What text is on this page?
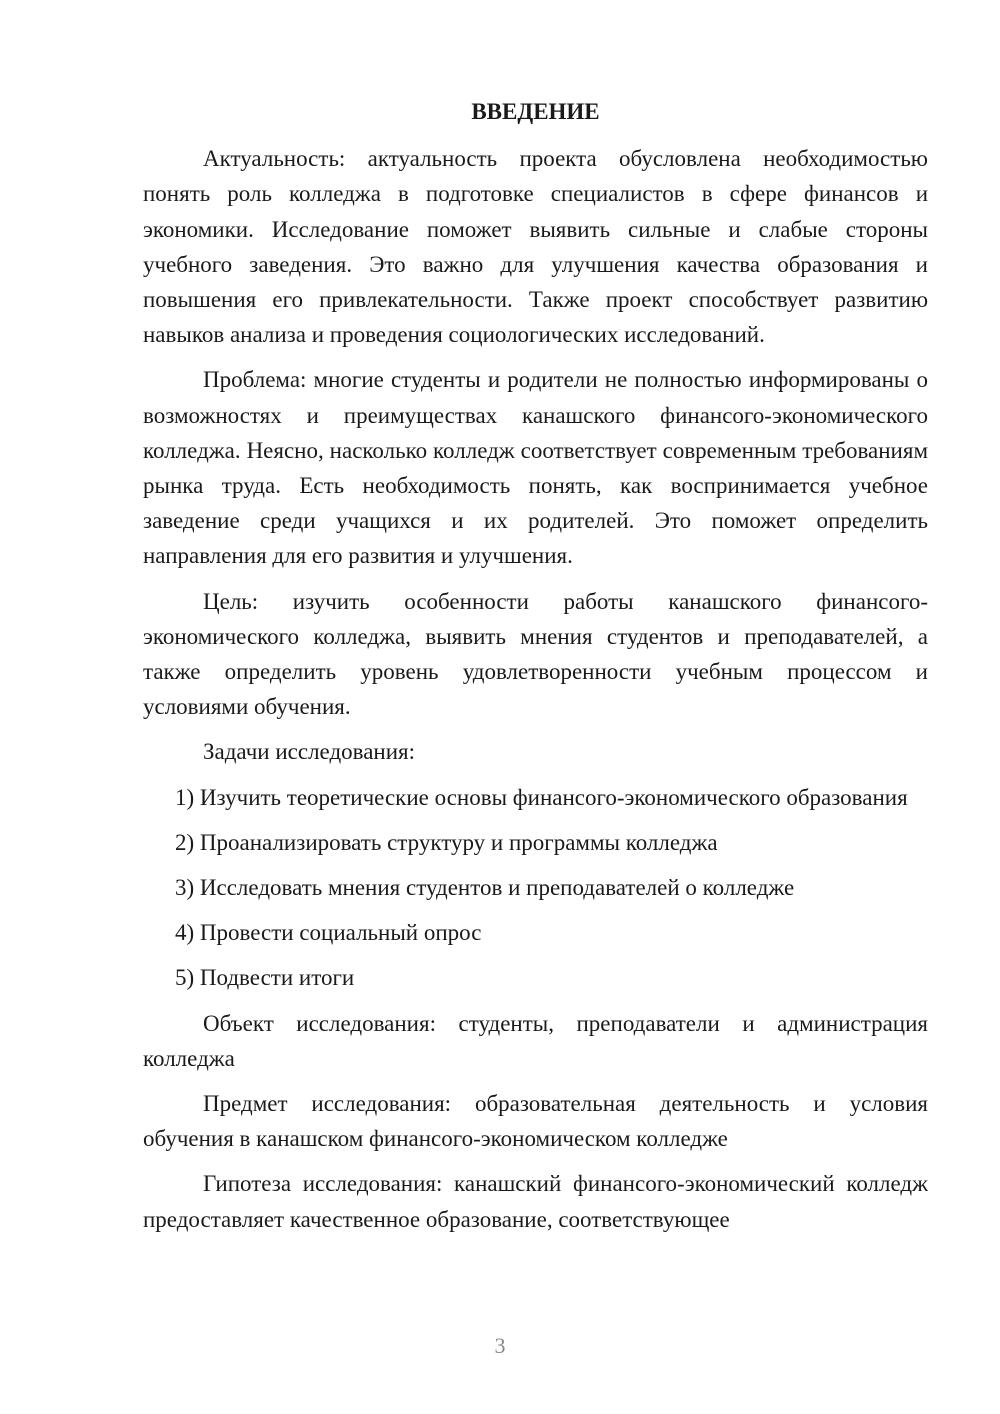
ВВЕДЕНИЕ

Актуальность: актуальность проекта обусловлена необходимостью понять роль колледжа в подготовке специалистов в сфере финансов и экономики. Исследование поможет выявить сильные и слабые стороны учебного заведения. Это важно для улучшения качества образования и повышения его привлекательности. Также проект способствует развитию навыков анализа и проведения социологических исследований.

Проблема: многие студенты и родители не полностью информированы о возможностях и преимуществах канашского финансого-экономического колледжа. Неясно, насколько колледж соответствует современным требованиям рынка труда. Есть необходимость понять, как воспринимается учебное заведение среди учащихся и их родителей. Это поможет определить направления для его развития и улучшения.

Цель: изучить особенности работы канашского финансого-экономического колледжа, выявить мнения студентов и преподавателей, а также определить уровень удовлетворенности учебным процессом и условиями обучения.

Задачи исследования:

1) Изучить теоретические основы финансого-экономического образования

2) Проанализировать структуру и программы колледжа

3) Исследовать мнения студентов и преподавателей о колледже

4) Провести социальный опрос

5) Подвести итоги

Объект исследования: студенты, преподаватели и администрация колледжа

Предмет исследования: образовательная деятельность и условия обучения в канашском финансого-экономическом колледже

Гипотеза исследования: канашский финансого-экономический колледж предоставляет качественное образование, соответствующее

3
